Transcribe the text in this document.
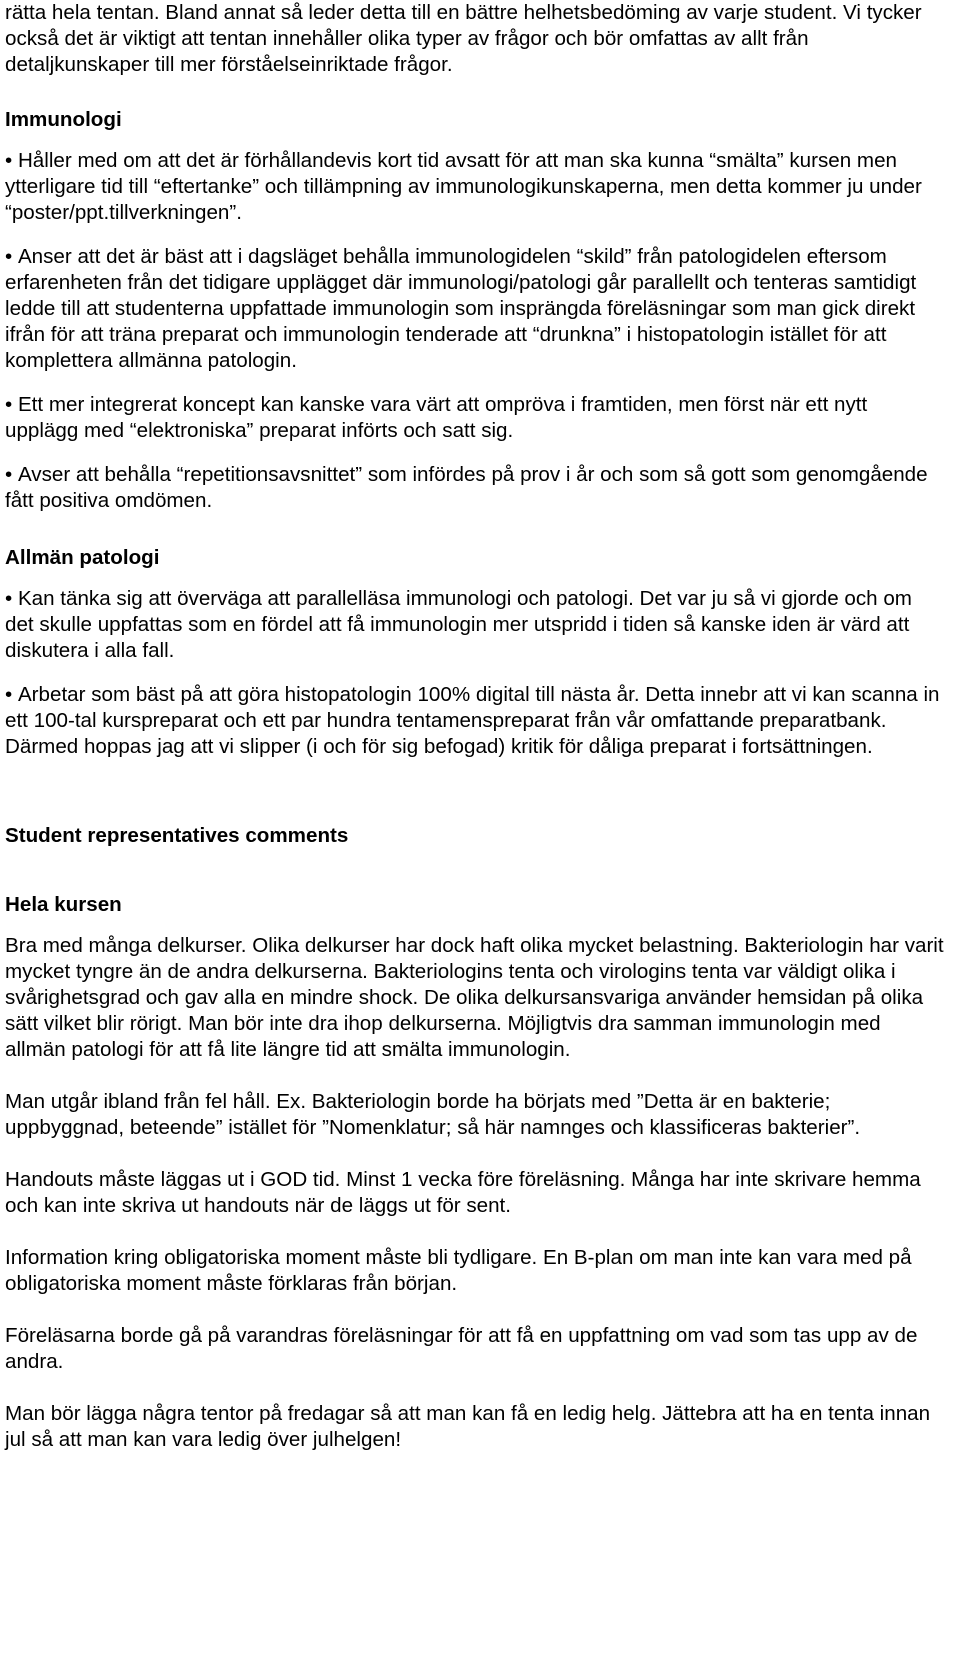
rätta hela tentan. Bland annat så leder detta till en bättre helhetsbedöming av varje student. Vi tycker också det är viktigt att tentan innehåller olika typer av frågor och bör omfattas av allt från detaljkunskaper till mer förståelseinriktade frågor.

Immunologi

• Håller med om att det är förhållandevis kort tid avsatt för att man ska kunna “smälta” kursen men ytterligare tid till “eftertanke” och tillämpning av immunologikunskaperna, men detta kommer ju under “poster/ppt.tillverkningen”.

• Anser att det är bäst att i dagsläget behålla immunologidelen “skild” från patologidelen eftersom erfarenheten från det tidigare upplägget där immunologi/patologi går parallellt och tenteras samtidigt ledde till att studenterna uppfattade immunologin som insprängda föreläsningar som man gick direkt ifrån för att träna preparat och immunologin tenderade att “drunkna” i histopatologin istället för att komplettera allmänna patologin.

• Ett mer integrerat koncept kan kanske vara värt att ompröva i framtiden, men först när ett nytt upplägg med “elektroniska” preparat införts och satt sig.

• Avser att behålla “repetitionsavsnittet” som infördes på prov i år och som så gott som genomgående fått positiva omdömen.

Allmän patologi

• Kan tänka sig att överväga att parallelläsa immunologi och patologi. Det var ju så vi gjorde och om det skulle uppfattas som en fördel att få immunologin mer utspridd i tiden så kanske iden är värd att diskutera i alla fall.

• Arbetar som bäst på att göra histopatologin 100% digital till nästa år. Detta innebr att vi kan scanna in ett 100-tal kurspreparat och ett par hundra tentamenspreparat från vår omfattande preparatbank. Därmed hoppas jag att vi slipper (i och för sig befogad) kritik för dåliga preparat i fortsättningen.

Student representatives comments

Hela kursen

Bra med många delkurser. Olika delkurser har dock haft olika mycket belastning. Bakteriologin har varit mycket tyngre än de andra delkurserna. Bakteriologins tenta och virologins tenta var väldigt olika i svårighetsgrad och gav alla en mindre shock. De olika delkursansvariga använder hemsidan på olika sätt vilket blir rörigt. Man bör inte dra ihop delkurserna. Möjligtvis dra samman immunologin med allmän patologi för att få lite längre tid att smälta immunologin.

Man utgår ibland från fel håll. Ex. Bakteriologin borde ha börjats med ”Detta är en bakterie; uppbyggnad, beteende” istället för ”Nomenklatur; så här namnges och klassificeras bakterier”.

Handouts måste läggas ut i GOD tid. Minst 1 vecka före föreläsning. Många har inte skrivare hemma och kan inte skriva ut handouts när de läggs ut för sent.

Information kring obligatoriska moment måste bli tydligare. En B-plan om man inte kan vara med på obligatoriska moment måste förklaras från början.

Föreläsarna borde gå på varandras föreläsningar för att få en uppfattning om vad som tas upp av de andra.

Man bör lägga några tentor på fredagar så att man kan få en ledig helg. Jättebra att ha en tenta innan jul så att man kan vara ledig över julhelgen!
